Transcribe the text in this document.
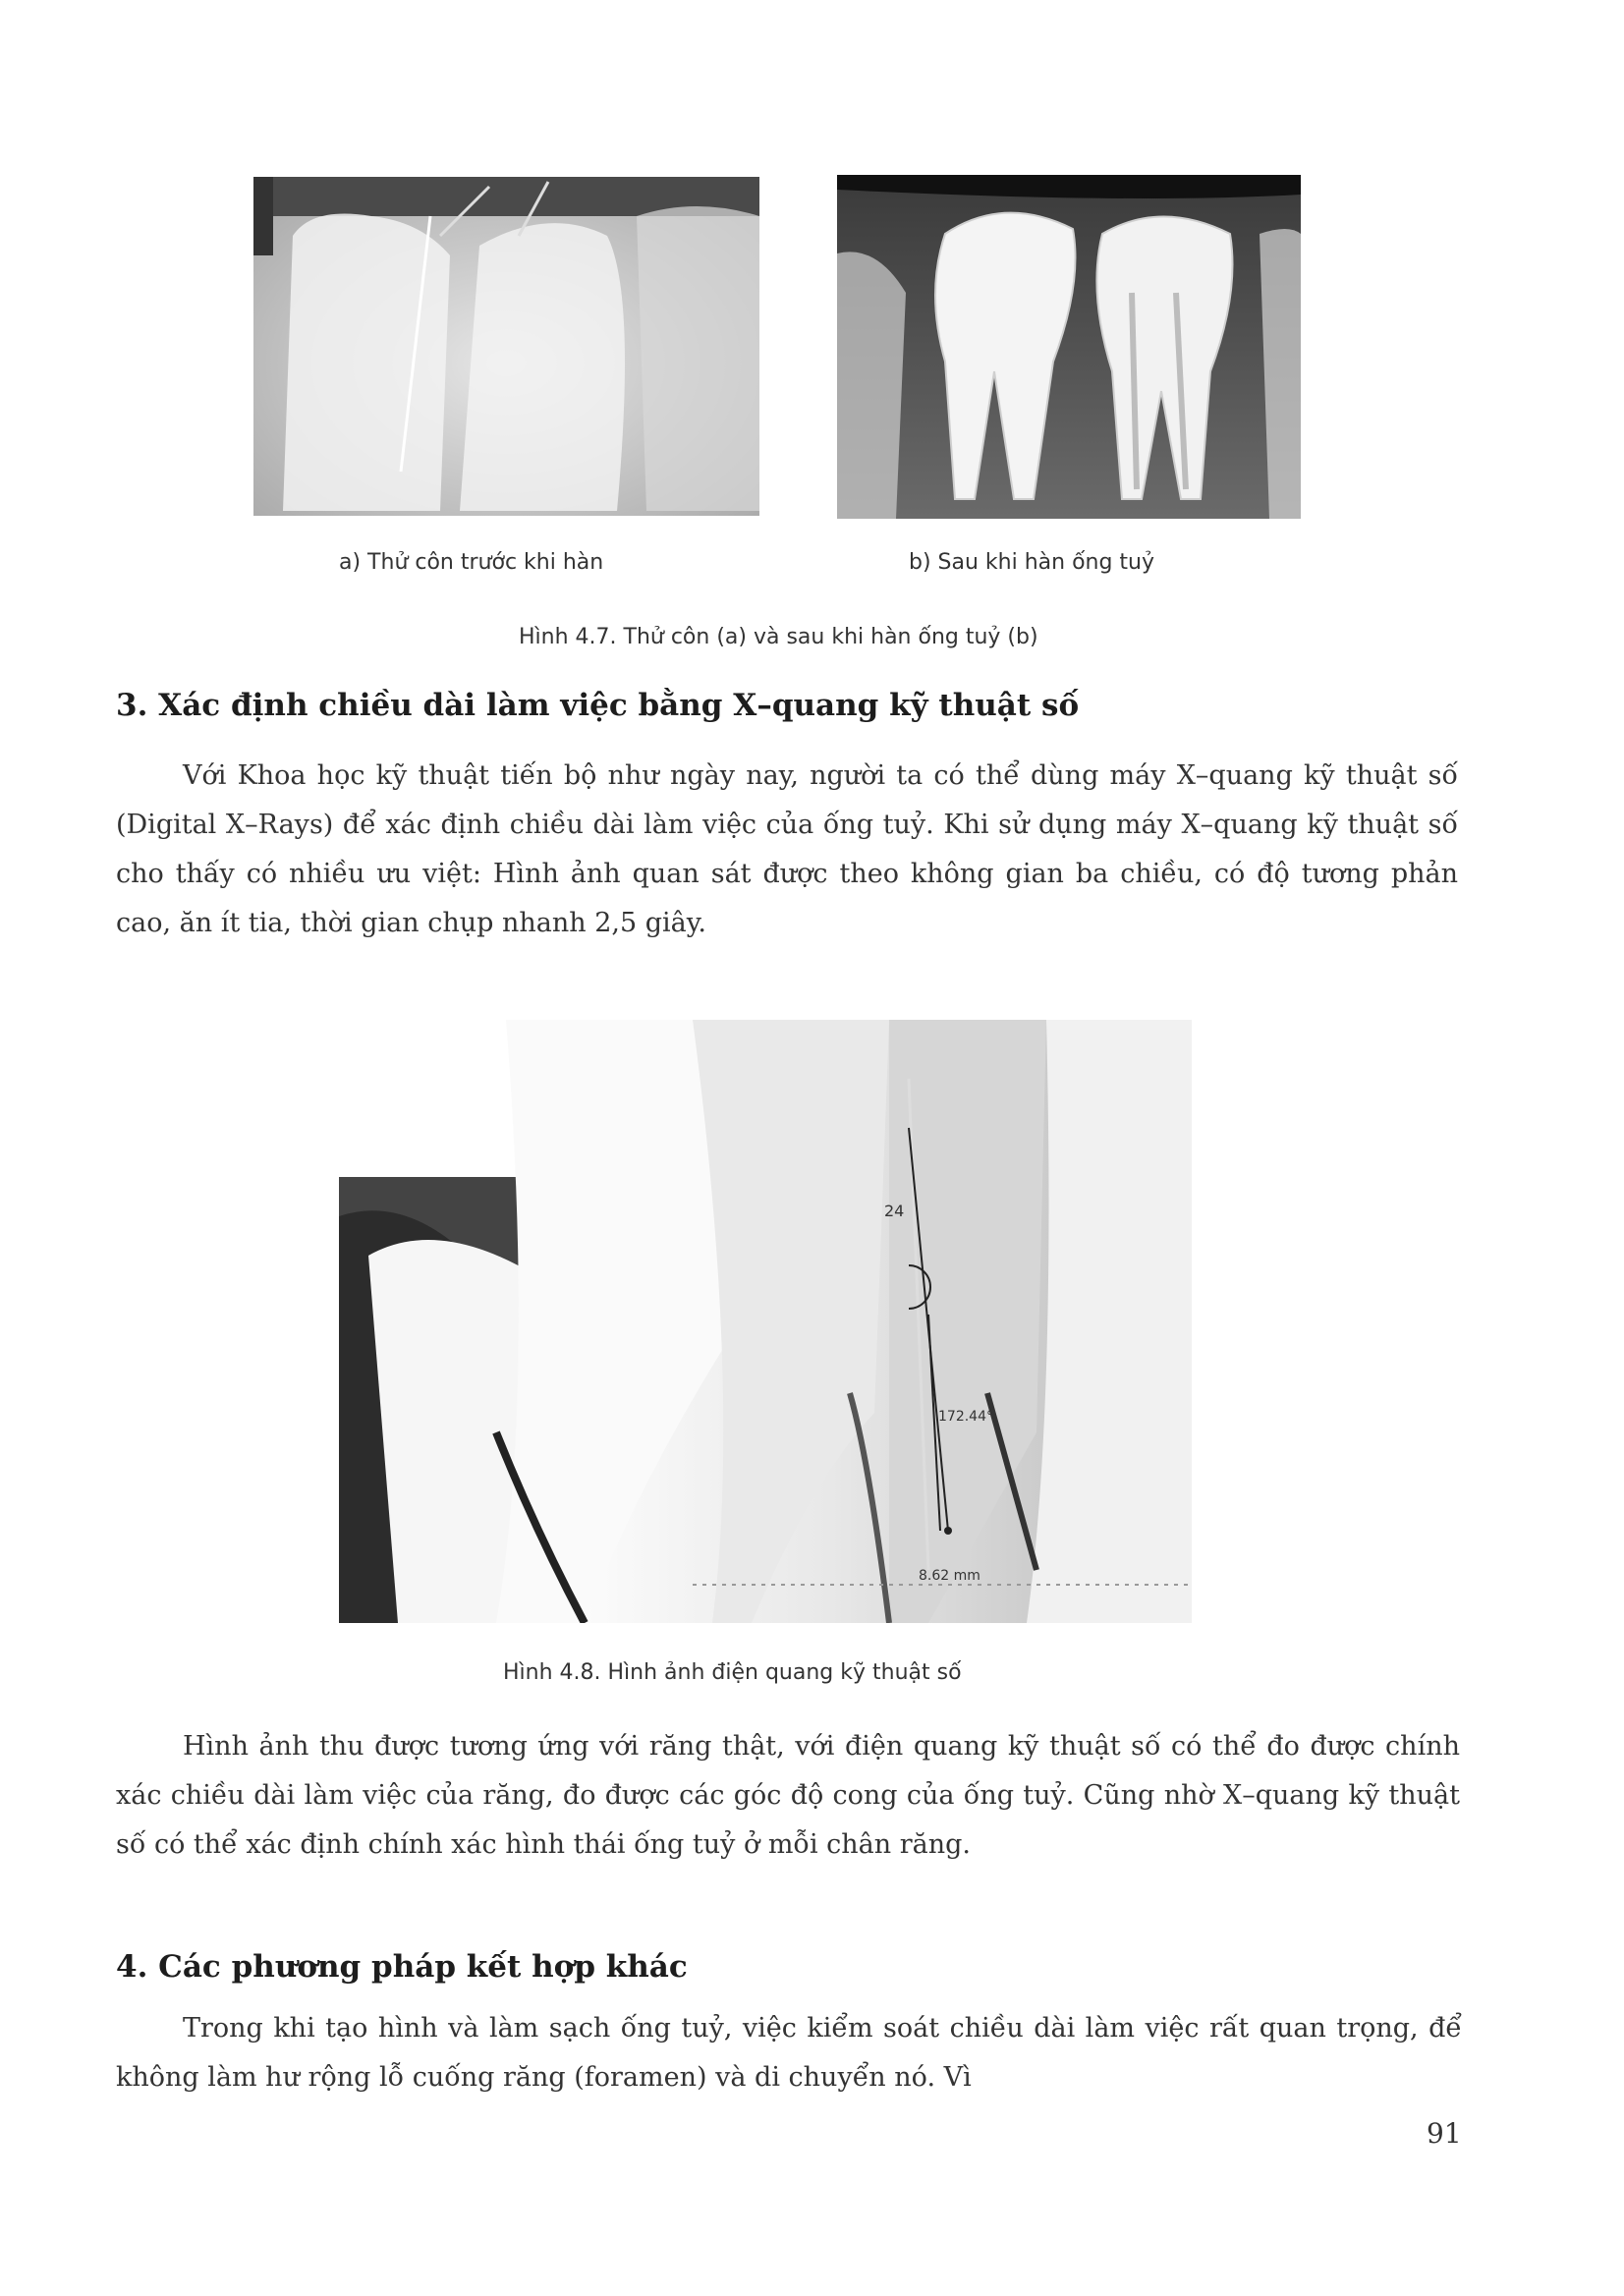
a) Thử côn trước khi hàn	b) Sau khi hàn ống tuỷ
Hình 4.7. Thử côn (a) và sau khi hàn ống tuỷ (b)
3. Xác định chiều dài làm việc bằng X–quang kỹ thuật số

Với Khoa học kỹ thuật tiến bộ như ngày nay, người ta có thể dùng máy X–quang kỹ thuật số (Digital X–Rays) để xác định chiều dài làm việc của ống tuỷ. Khi sử dụng máy X–quang kỹ thuật số cho thấy có nhiều ưu việt: Hình ảnh quan sát được theo không gian ba chiều, có độ tương phản cao, ăn ít tia, thời gian chụp nhanh 2,5 giây.

24
172.44°
8.62 mm
Hình 4.8. Hình ảnh điện quang kỹ thuật số

Hình ảnh thu được tương ứng với răng thật, với điện quang kỹ thuật số có thể đo được chính xác chiều dài làm việc của răng, đo được các góc độ cong của ống tuỷ. Cũng nhờ X–quang kỹ thuật số có thể xác định chính xác hình thái ống tuỷ ở mỗi chân răng.

4. Các phương pháp kết hợp khác

Trong khi tạo hình và làm sạch ống tuỷ, việc kiểm soát chiều dài làm việc rất quan trọng, để không làm hư rộng lỗ cuống răng (foramen) và di chuyển nó. Vì

91
